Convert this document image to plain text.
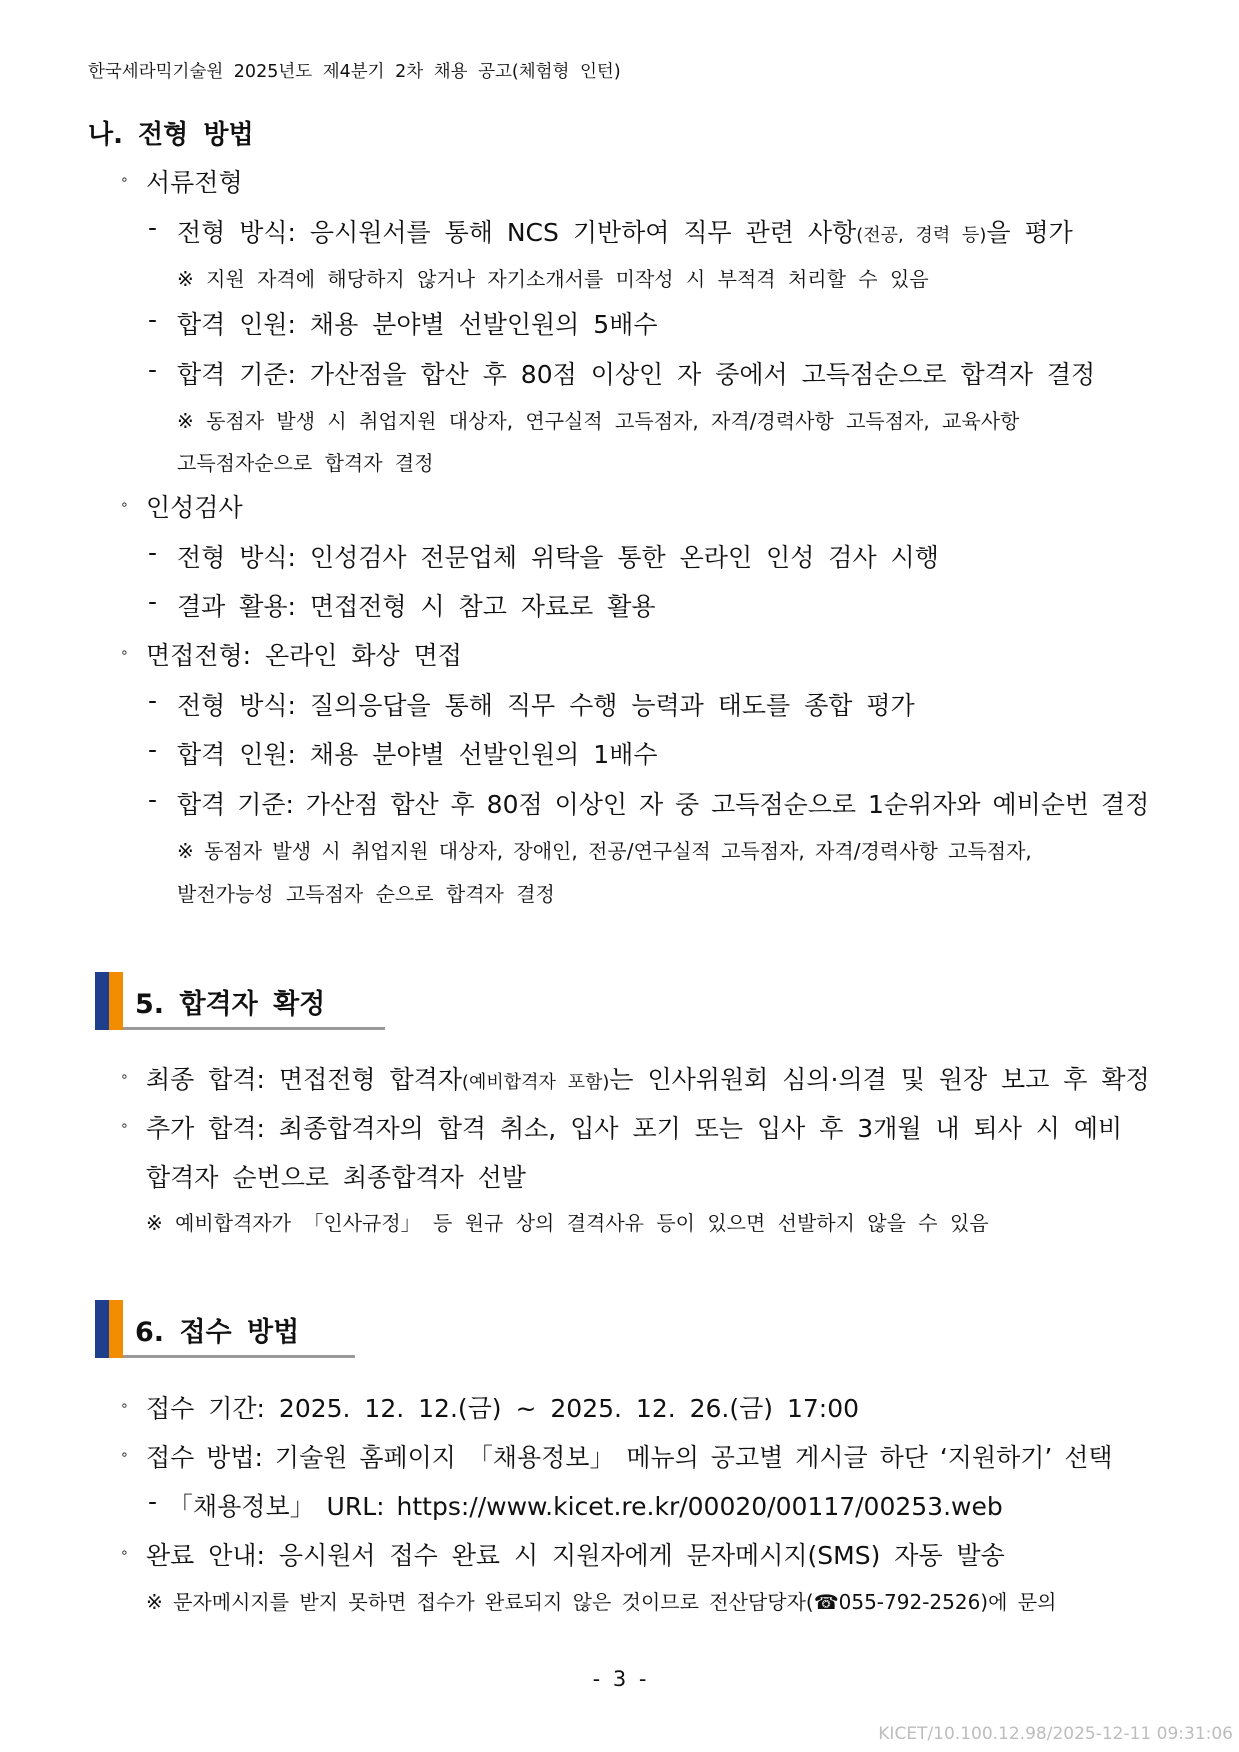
한국세라믹기술원 2025년도 제4분기 2차 채용 공고(체험형 인턴)
나. 전형 방법
∘ 서류전형
- 전형 방식: 응시원서를 통해 NCS 기반하여 직무 관련 사항(전공, 경력 등)을 평가
※ 지원 자격에 해당하지 않거나 자기소개서를 미작성 시 부적격 처리할 수 있음
- 합격 인원: 채용 분야별 선발인원의 5배수
- 합격 기준: 가산점을 합산 후 80점 이상인 자 중에서 고득점순으로 합격자 결정
※ 동점자 발생 시 취업지원 대상자, 연구실적 고득점자, 자격/경력사항 고득점자, 교육사항
고득점자순으로 합격자 결정
∘ 인성검사
- 전형 방식: 인성검사 전문업체 위탁을 통한 온라인 인성 검사 시행
- 결과 활용: 면접전형 시 참고 자료로 활용
∘ 면접전형: 온라인 화상 면접
- 전형 방식: 질의응답을 통해 직무 수행 능력과 태도를 종합 평가
- 합격 인원: 채용 분야별 선발인원의 1배수
- 합격 기준: 가산점 합산 후 80점 이상인 자 중 고득점순으로 1순위자와 예비순번 결정
※ 동점자 발생 시 취업지원 대상자, 장애인, 전공/연구실적 고득점자, 자격/경력사항 고득점자,
발전가능성 고득점자 순으로 합격자 결정
5. 합격자 확정
∘ 최종 합격: 면접전형 합격자(예비합격자 포함)는 인사위원회 심의·의결 및 원장 보고 후 확정
∘ 추가 합격: 최종합격자의 합격 취소, 입사 포기 또는 입사 후 3개월 내 퇴사 시 예비
합격자 순번으로 최종합격자 선발
※ 예비합격자가 「인사규정」 등 원규 상의 결격사유 등이 있으면 선발하지 않을 수 있음
6. 접수 방법
∘ 접수 기간: 2025. 12. 12.(금) ~ 2025. 12. 26.(금) 17:00
∘ 접수 방법: 기술원 홈페이지 「채용정보」 메뉴의 공고별 게시글 하단 ‘지원하기’ 선택
- 「채용정보」 URL: https://www.kicet.re.kr/00020/00117/00253.web
∘ 완료 안내: 응시원서 접수 완료 시 지원자에게 문자메시지(SMS) 자동 발송
※ 문자메시지를 받지 못하면 접수가 완료되지 않은 것이므로 전산담당자(☎055-792-2526)에 문의
- 3 -
KICET/10.100.12.98/2025-12-11 09:31:06
